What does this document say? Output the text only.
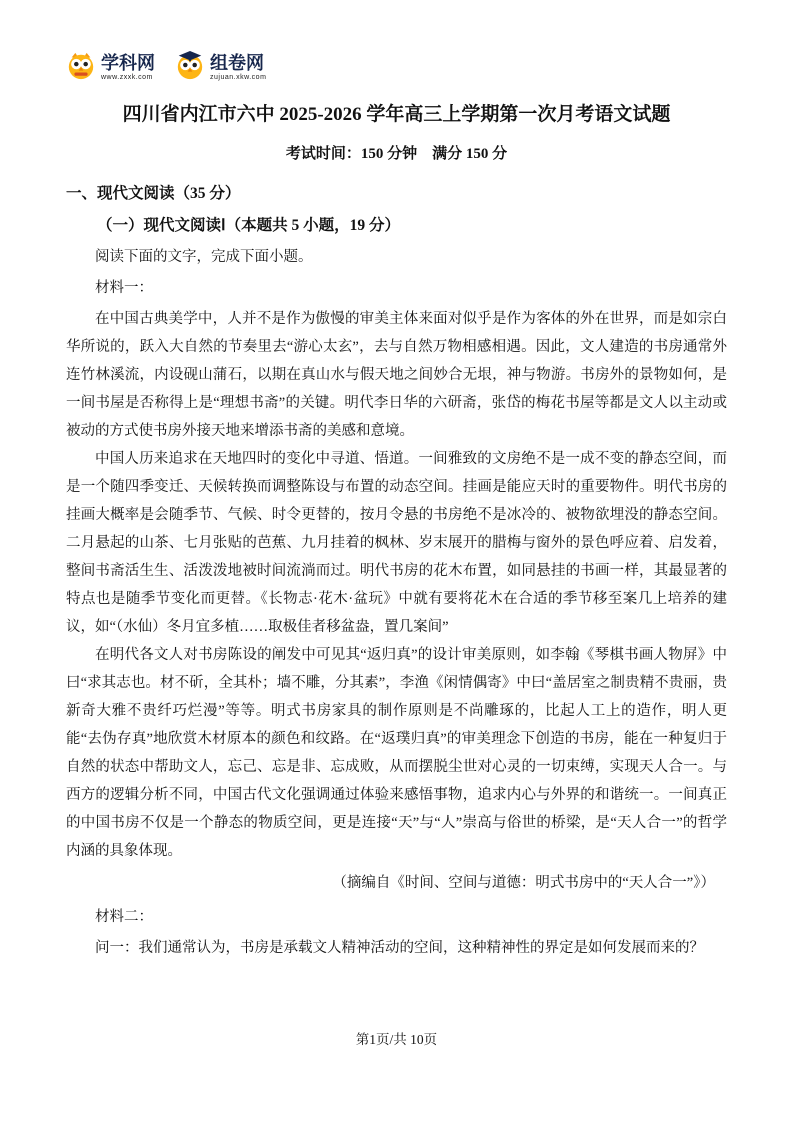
学科网
www.zxxk.com
组卷网
zujuan.xkw.com
四川省内江市六中 2025-2026 学年高三上学期第一次月考语文试题
考试时间：150 分钟　满分 150 分
一、现代文阅读（35 分）
（一）现代文阅读Ⅰ（本题共 5 小题，19 分）
阅读下面的文字，完成下面小题。
材料一：

在中国古典美学中，人并不是作为傲慢的审美主体来面对似乎是作为客体的外在世界，而是如宗白华所说的，跃入大自然的节奏里去“游心太玄”，去与自然万物相感相遇。因此，文人建造的书房通常外连竹林溪流，内设砚山蒲石，以期在真山水与假天地之间妙合无垠，神与物游。书房外的景物如何，是一间书屋是否称得上是“理想书斋”的关键。明代李日华的六研斋，张岱的梅花书屋等都是文人以主动或被动的方式使书房外接天地来增添书斋的美感和意境。

中国人历来追求在天地四时的变化中寻道、悟道。一间雅致的文房绝不是一成不变的静态空间，而是一个随四季变迁、天候转换而调整陈设与布置的动态空间。挂画是能应天时的重要物件。明代书房的挂画大概率是会随季节、气候、时令更替的，按月令悬的书房绝不是冰冷的、被物欲埋没的静态空间。二月悬起的山茶、七月张贴的芭蕉、九月挂着的枫林、岁末展开的腊梅与窗外的景色呼应着、启发着，整间书斋活生生、活泼泼地被时间流淌而过。明代书房的花木布置，如同悬挂的书画一样，其最显著的特点也是随季节变化而更替。《长物志·花木·盆玩》中就有要将花木在合适的季节移至案几上培养的建议，如“（水仙）冬月宜多植……取极佳者移盆盎，置几案间”

在明代各文人对书房陈设的阐发中可见其“返归真”的设计审美原则，如李翰《琴棋书画人物屏》中曰“求其志也。材不斫，全其朴；墙不雕，分其素”，李渔《闲情偶寄》中曰“盖居室之制贵精不贵丽，贵新奇大雅不贵纤巧烂漫”等等。明式书房家具的制作原则是不尚雕琢的，比起人工上的造作，明人更能“去伪存真”地欣赏木材原本的颜色和纹路。在“返璞归真”的审美理念下创造的书房，能在一种复归于自然的状态中帮助文人，忘己、忘是非、忘成败，从而摆脱尘世对心灵的一切束缚，实现天人合一。与西方的逻辑分析不同，中国古代文化强调通过体验来感悟事物，追求内心与外界的和谐统一。一间真正的中国书房不仅是一个静态的物质空间，更是连接“天”与“人”崇高与俗世的桥梁，是“天人合一”的哲学内涵的具象体现。

（摘编自《时间、空间与道德：明式书房中的“天人合一”》）
材料二：

问一：我们通常认为，书房是承载文人精神活动的空间，这种精神性的界定是如何发展而来的？

第1页/共 10页
